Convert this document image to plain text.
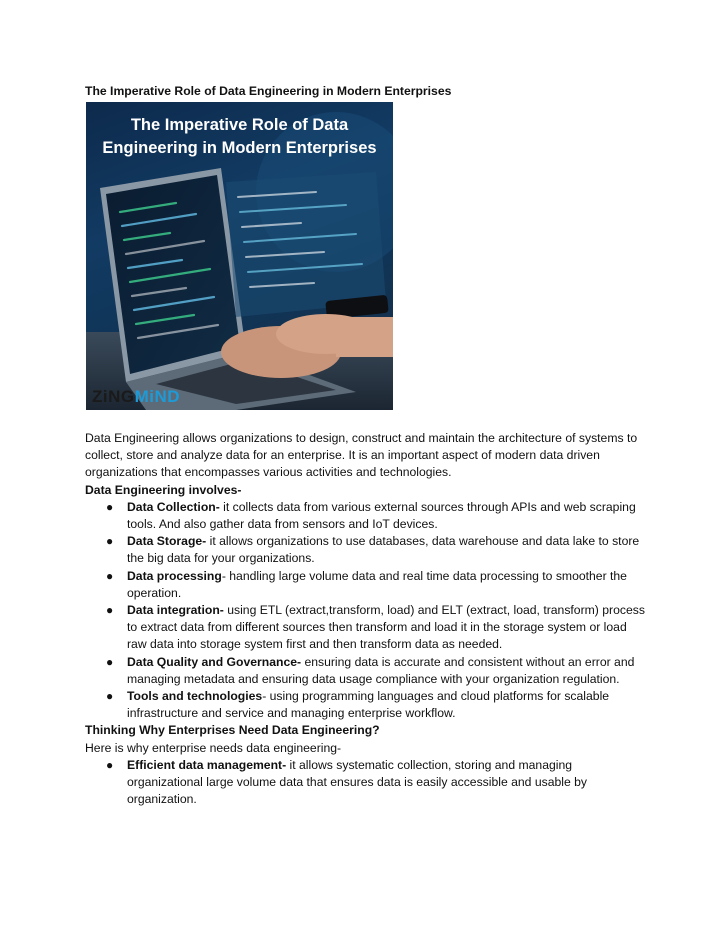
The Imperative Role of Data Engineering in Modern Enterprises
The Imperative Role of Data
Engineering in Modern Enterprises
ZiNGMiND

Data Engineering allows organizations to design, construct and maintain the architecture of systems to collect, store and analyze data for an enterprise. It is an important aspect of modern data driven organizations that encompasses various activities and technologies.

Data Engineering involves-

● Data Collection- it collects data from various external sources through APIs and web scraping tools. And also gather data from sensors and IoT devices.
● Data Storage- it allows organizations to use databases, data warehouse and data lake to store the big data for your organizations.
● Data processing- handling large volume data and real time data processing to smoother the operation.
● Data integration- using ETL (extract,transform, load) and ELT (extract, load, transform) process to extract data from different sources then transform and load it in the storage system or load raw data into storage system first and then transform data as needed.
● Data Quality and Governance- ensuring data is accurate and consistent without an error and managing metadata and ensuring data usage compliance with your organization regulation.
● Tools and technologies- using programming languages and cloud platforms for scalable infrastructure and service and managing enterprise workflow.

Thinking Why Enterprises Need Data Engineering?

Here is why enterprise needs data engineering-

● Efficient data management- it allows systematic collection, storing and managing organizational large volume data that ensures data is easily accessible and usable by organization.
